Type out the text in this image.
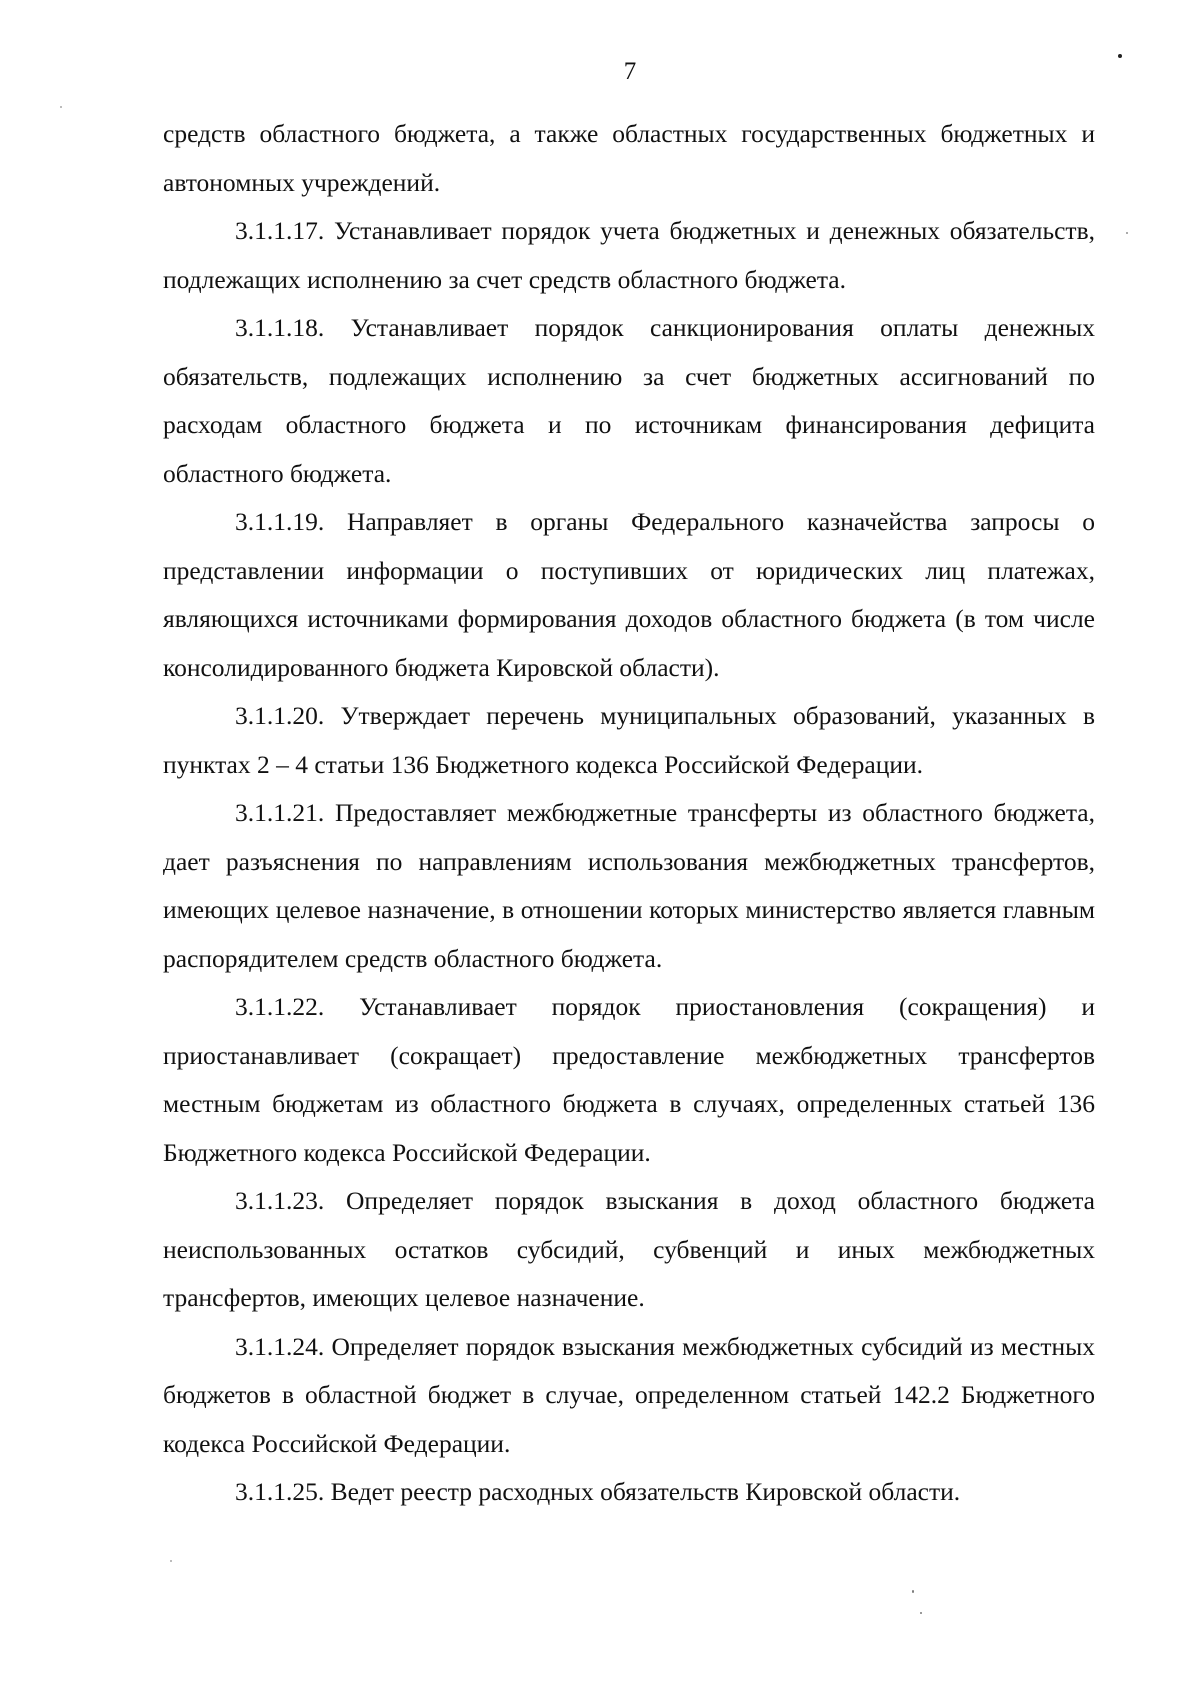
7

средств областного бюджета, а также областных государственных бюджетных и автономных учреждений.

3.1.1.17. Устанавливает порядок учета бюджетных и денежных обязательств, подлежащих исполнению за счет средств областного бюджета.

3.1.1.18. Устанавливает порядок санкционирования оплаты денежных обязательств, подлежащих исполнению за счет бюджетных ассигнований по расходам областного бюджета и по источникам финансирования дефицита областного бюджета.

3.1.1.19. Направляет в органы Федерального казначейства запросы о представлении информации о поступивших от юридических лиц платежах, являющихся источниками формирования доходов областного бюджета (в том числе консолидированного бюджета Кировской области).

3.1.1.20. Утверждает перечень муниципальных образований, указанных в пунктах 2 – 4 статьи 136 Бюджетного кодекса Российской Федерации.

3.1.1.21. Предоставляет межбюджетные трансферты из областного бюджета, дает разъяснения по направлениям использования межбюджетных трансфертов, имеющих целевое назначение, в отношении которых министерство является главным распорядителем средств областного бюджета.

3.1.1.22. Устанавливает порядок приостановления (сокращения) и приостанавливает (сокращает) предоставление межбюджетных трансфертов местным бюджетам из областного бюджета в случаях, определенных статьей 136 Бюджетного кодекса Российской Федерации.

3.1.1.23. Определяет порядок взыскания в доход областного бюджета неиспользованных остатков субсидий, субвенций и иных межбюджетных трансфертов, имеющих целевое назначение.

3.1.1.24. Определяет порядок взыскания межбюджетных субсидий из местных бюджетов в областной бюджет в случае, определенном статьей 142.2 Бюджетного кодекса Российской Федерации.

3.1.1.25. Ведет реестр расходных обязательств Кировской области.
